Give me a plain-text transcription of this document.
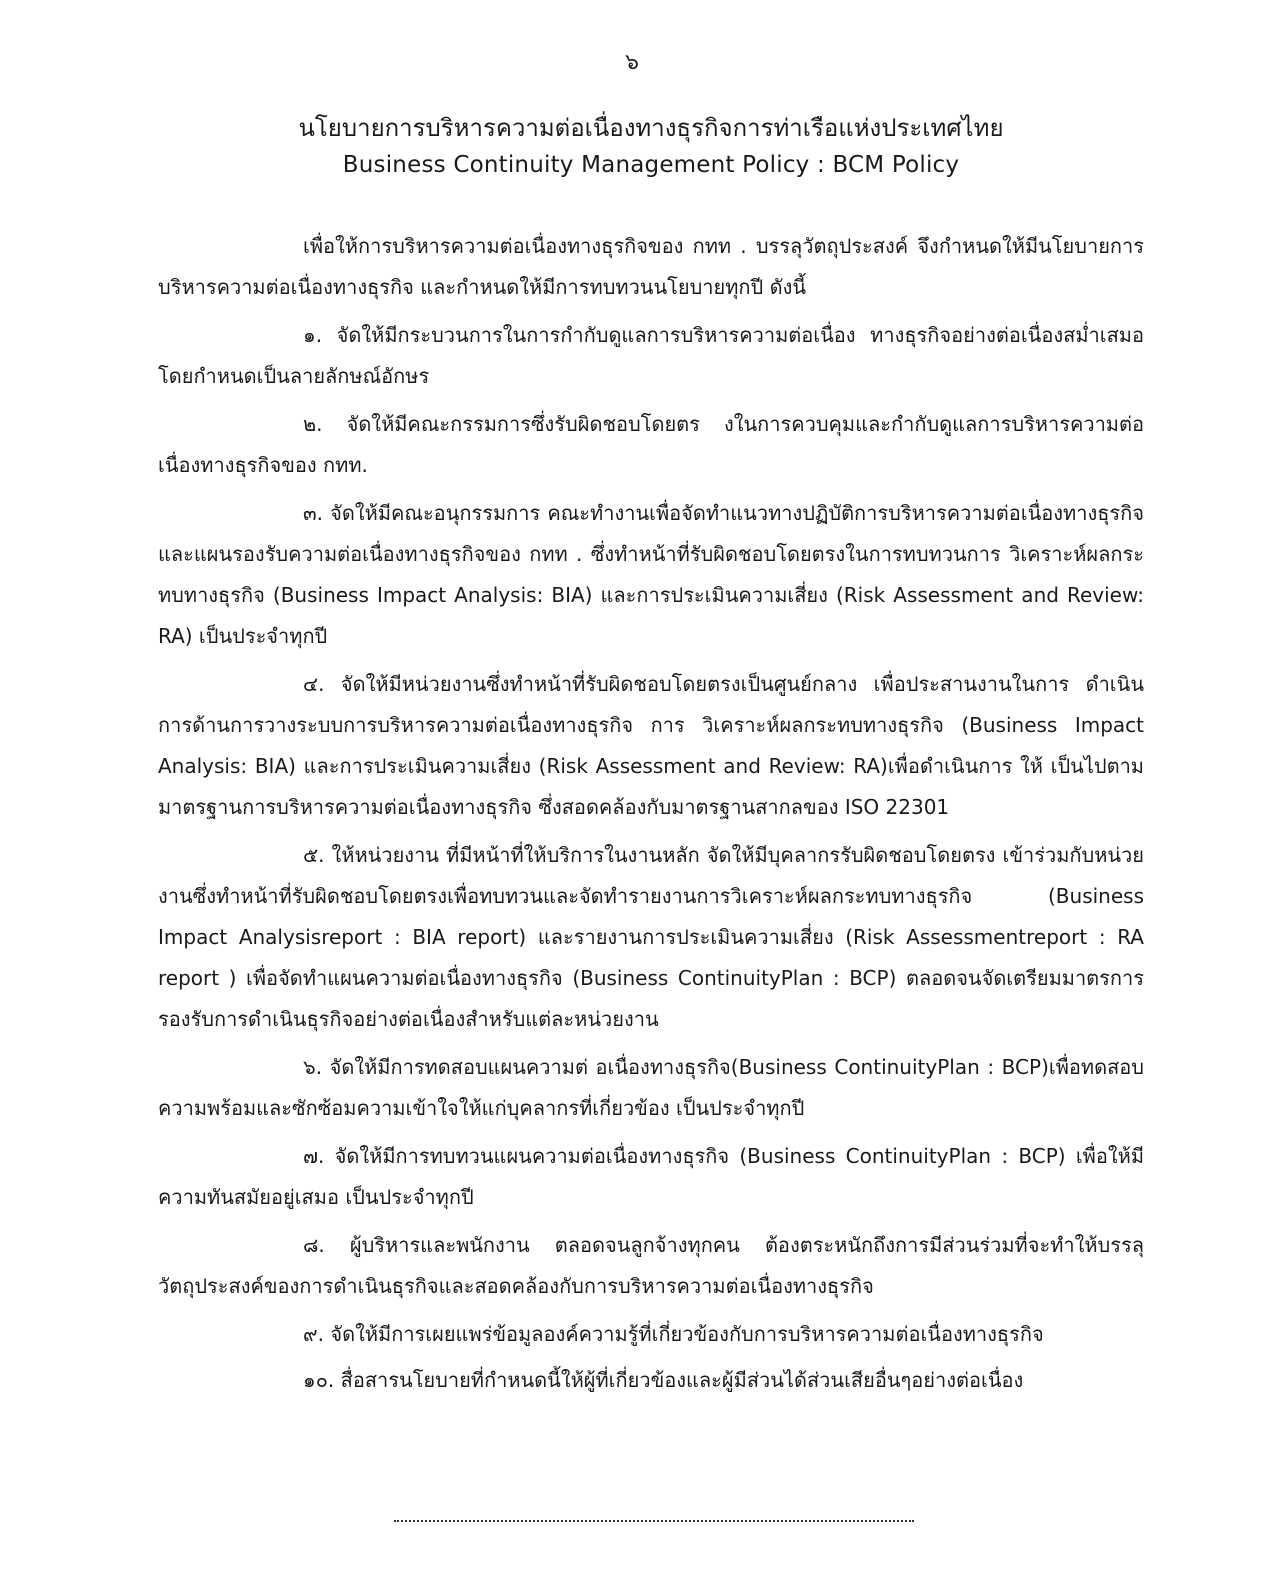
๖
นโยบายการบริหารความต่อเนื่องทางธุรกิจการท่าเรือแห่งประเทศไทย
Business Continuity Management Policy : BCM Policy

เพื่อให้การบริหารความต่อเนื่องทางธุรกิจของ กทท . บรรลุวัตถุประสงค์ จึงกำหนดให้มีนโยบายการบริหารความต่อเนื่องทางธุรกิจ และกำหนดให้มีการทบทวนนโยบายทุกปี ดังนี้

๑. จัดให้มีกระบวนการในการกำกับดูแลการบริหารความต่อเนื่อง ทางธุรกิจอย่างต่อเนื่องสม่ำเสมอ โดยกำหนดเป็นลายลักษณ์อักษร

๒. จัดให้มีคณะกรรมการซึ่งรับผิดชอบโดยตร งในการควบคุมและกำกับดูแลการบริหารความต่อเนื่องทางธุรกิจของ กทท.

๓. จัดให้มีคณะอนุกรรมการ คณะทำงานเพื่อจัดทำแนวทางปฏิบัติการบริหารความต่อเนื่องทางธุรกิจ และแผนรองรับความต่อเนื่องทางธุรกิจของ กทท . ซึ่งทำหน้าที่รับผิดชอบโดยตรงในการทบทวนการ วิเคราะห์ผลกระทบทางธุรกิจ (Business Impact Analysis: BIA) และการประเมินความเสี่ยง (Risk Assessment and Review: RA) เป็นประจำทุกปี

๔. จัดให้มีหน่วยงานซึ่งทำหน้าที่รับผิดชอบโดยตรงเป็นศูนย์กลาง เพื่อประสานงานในการ ดำเนินการด้านการวางระบบการบริหารความต่อเนื่องทางธุรกิจ การ วิเคราะห์ผลกระทบทางธุรกิจ (Business Impact Analysis: BIA) และการประเมินความเสี่ยง (Risk Assessment and Review: RA)เพื่อดำเนินการ ให้ เป็นไปตามมาตรฐานการบริหารความต่อเนื่องทางธุรกิจ ซึ่งสอดคล้องกับมาตรฐานสากลของ ISO 22301

๕. ให้หน่วยงาน ที่มีหน้าที่ให้บริการในงานหลัก จัดให้มีบุคลากรรับผิดชอบโดยตรง เข้าร่วมกับหน่วยงานซึ่งทำหน้าที่รับผิดชอบโดยตรงเพื่อทบทวนและจัดทำรายงานการวิเคราะห์ผลกระทบทางธุรกิจ (Business Impact Analysisreport : BIA report) และรายงานการประเมินความเสี่ยง (Risk Assessmentreport : RA report ) เพื่อจัดทำแผนความต่อเนื่องทางธุรกิจ (Business ContinuityPlan : BCP) ตลอดจนจัดเตรียมมาตรการรองรับการดำเนินธุรกิจอย่างต่อเนื่องสำหรับแต่ละหน่วยงาน

๖. จัดให้มีการทดสอบแผนความต่ อเนื่องทางธุรกิจ(Business ContinuityPlan : BCP)เพื่อทดสอบความพร้อมและซักซ้อมความเข้าใจให้แก่บุคลากรที่เกี่ยวข้อง เป็นประจำทุกปี

๗. จัดให้มีการทบทวนแผนความต่อเนื่องทางธุรกิจ (Business ContinuityPlan : BCP) เพื่อให้มีความทันสมัยอยู่เสมอ เป็นประจำทุกปี

๘. ผู้บริหารและพนักงาน ตลอดจนลูกจ้างทุกคน ต้องตระหนักถึงการมีส่วนร่วมที่จะทำให้บรรลุวัตถุประสงค์ของการดำเนินธุรกิจและสอดคล้องกับการบริหารความต่อเนื่องทางธุรกิจ

๙. จัดให้มีการเผยแพร่ข้อมูลองค์ความรู้ที่เกี่ยวข้องกับการบริหารความต่อเนื่องทางธุรกิจ

๑๐. สื่อสารนโยบายที่กำหนดนี้ให้ผู้ที่เกี่ยวข้องและผู้มีส่วนได้ส่วนเสียอื่นๆอย่างต่อเนื่อง
